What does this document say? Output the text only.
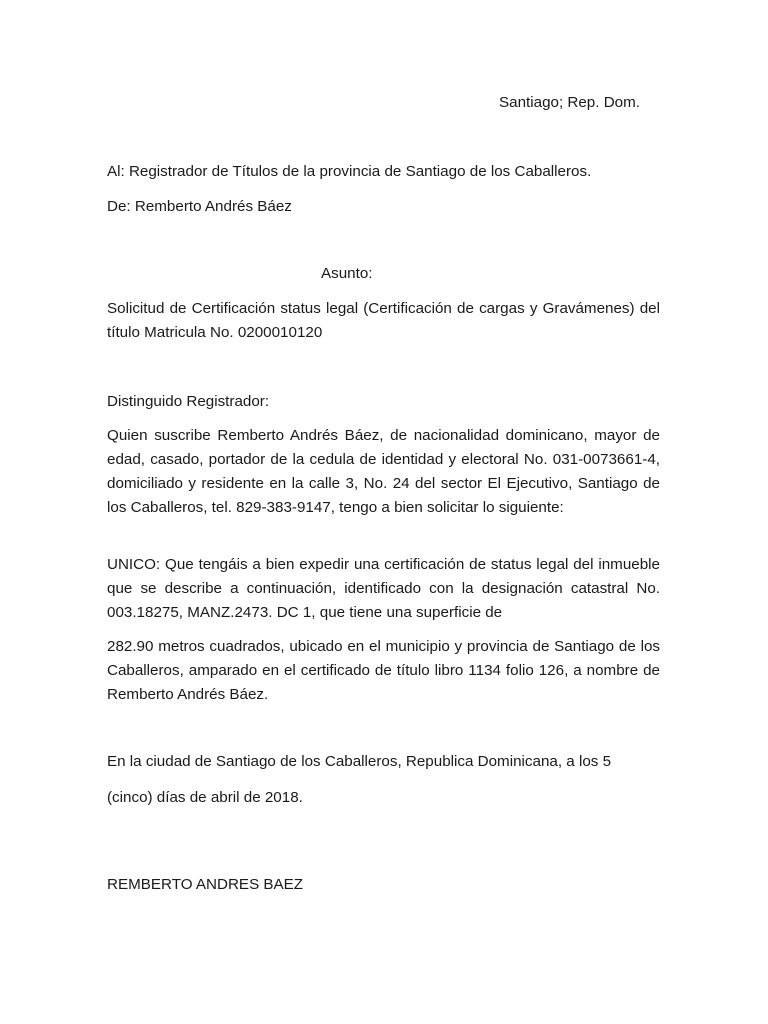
Santiago; Rep. Dom.
Al: Registrador de Títulos de la provincia de Santiago de los Caballeros.
De: Remberto Andrés Báez
Asunto:

Solicitud de Certificación status legal (Certificación de cargas y Gravámenes) del título Matricula No. 0200010120

Distinguido Registrador:

Quien suscribe Remberto Andrés Báez, de nacionalidad dominicano, mayor de edad, casado, portador de la cedula de identidad y electoral No. 031-0073661-4, domiciliado y residente en la calle 3, No. 24 del sector El Ejecutivo, Santiago de los Caballeros, tel. 829-383-9147, tengo a bien solicitar lo siguiente:

UNICO: Que tengáis a bien expedir una certificación de status legal del inmueble que se describe a continuación, identificado con la designación catastral No. 003.18275, MANZ.2473. DC 1, que tiene una superficie de

282.90 metros cuadrados, ubicado en el municipio y provincia de Santiago de los Caballeros, amparado en el certificado de título libro 1134 folio 126, a nombre de Remberto Andrés Báez.

En la ciudad de Santiago de los Caballeros, Republica Dominicana, a los 5
(cinco) días de abril de 2018.
REMBERTO ANDRES BAEZ
